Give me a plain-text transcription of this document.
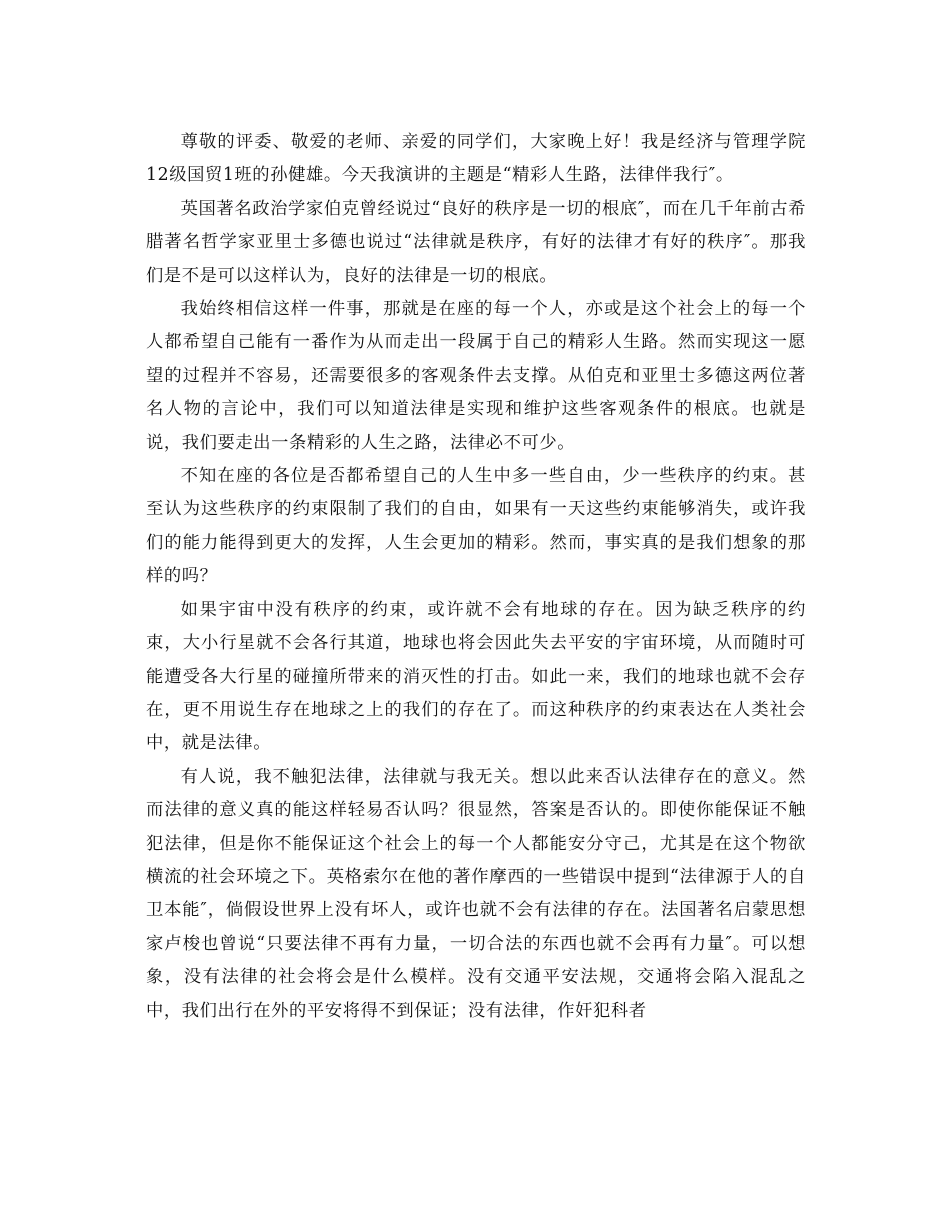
尊敬的评委、敬爱的老师、亲爱的同学们，大家晚上好！我是经济与管理学院12级国贸1班的孙健雄。今天我演讲的主题是“精彩人生路，法律伴我行″。

英国著名政治学家伯克曾经说过“良好的秩序是一切的根底″，而在几千年前古希腊著名哲学家亚里士多德也说过“法律就是秩序，有好的法律才有好的秩序″。那我们是不是可以这样认为，良好的法律是一切的根底。

我始终相信这样一件事，那就是在座的每一个人，亦或是这个社会上的每一个人都希望自己能有一番作为从而走出一段属于自己的精彩人生路。然而实现这一愿望的过程并不容易，还需要很多的客观条件去支撑。从伯克和亚里士多德这两位著名人物的言论中，我们可以知道法律是实现和维护这些客观条件的根底。也就是说，我们要走出一条精彩的人生之路，法律必不可少。

不知在座的各位是否都希望自己的人生中多一些自由，少一些秩序的约束。甚至认为这些秩序的约束限制了我们的自由，如果有一天这些约束能够消失，或许我们的能力能得到更大的发挥，人生会更加的精彩。然而，事实真的是我们想象的那样的吗？

如果宇宙中没有秩序的约束，或许就不会有地球的存在。因为缺乏秩序的约束，大小行星就不会各行其道，地球也将会因此失去平安的宇宙环境，从而随时可能遭受各大行星的碰撞所带来的消灭性的打击。如此一来，我们的地球也就不会存在，更不用说生存在地球之上的我们的存在了。而这种秩序的约束表达在人类社会中，就是法律。

有人说，我不触犯法律，法律就与我无关。想以此来否认法律存在的意义。然而法律的意义真的能这样轻易否认吗？很显然，答案是否认的。即使你能保证不触犯法律，但是你不能保证这个社会上的每一个人都能安分守己，尤其是在这个物欲横流的社会环境之下。英格索尔在他的著作摩西的一些错误中提到“法律源于人的自卫本能″，倘假设世界上没有坏人，或许也就不会有法律的存在。法国著名启蒙思想家卢梭也曾说“只要法律不再有力量，一切合法的东西也就不会再有力量″。可以想象，没有法律的社会将会是什么模样。没有交通平安法规，交通将会陷入混乱之中，我们出行在外的平安将得不到保证；没有法律，作奸犯科者
